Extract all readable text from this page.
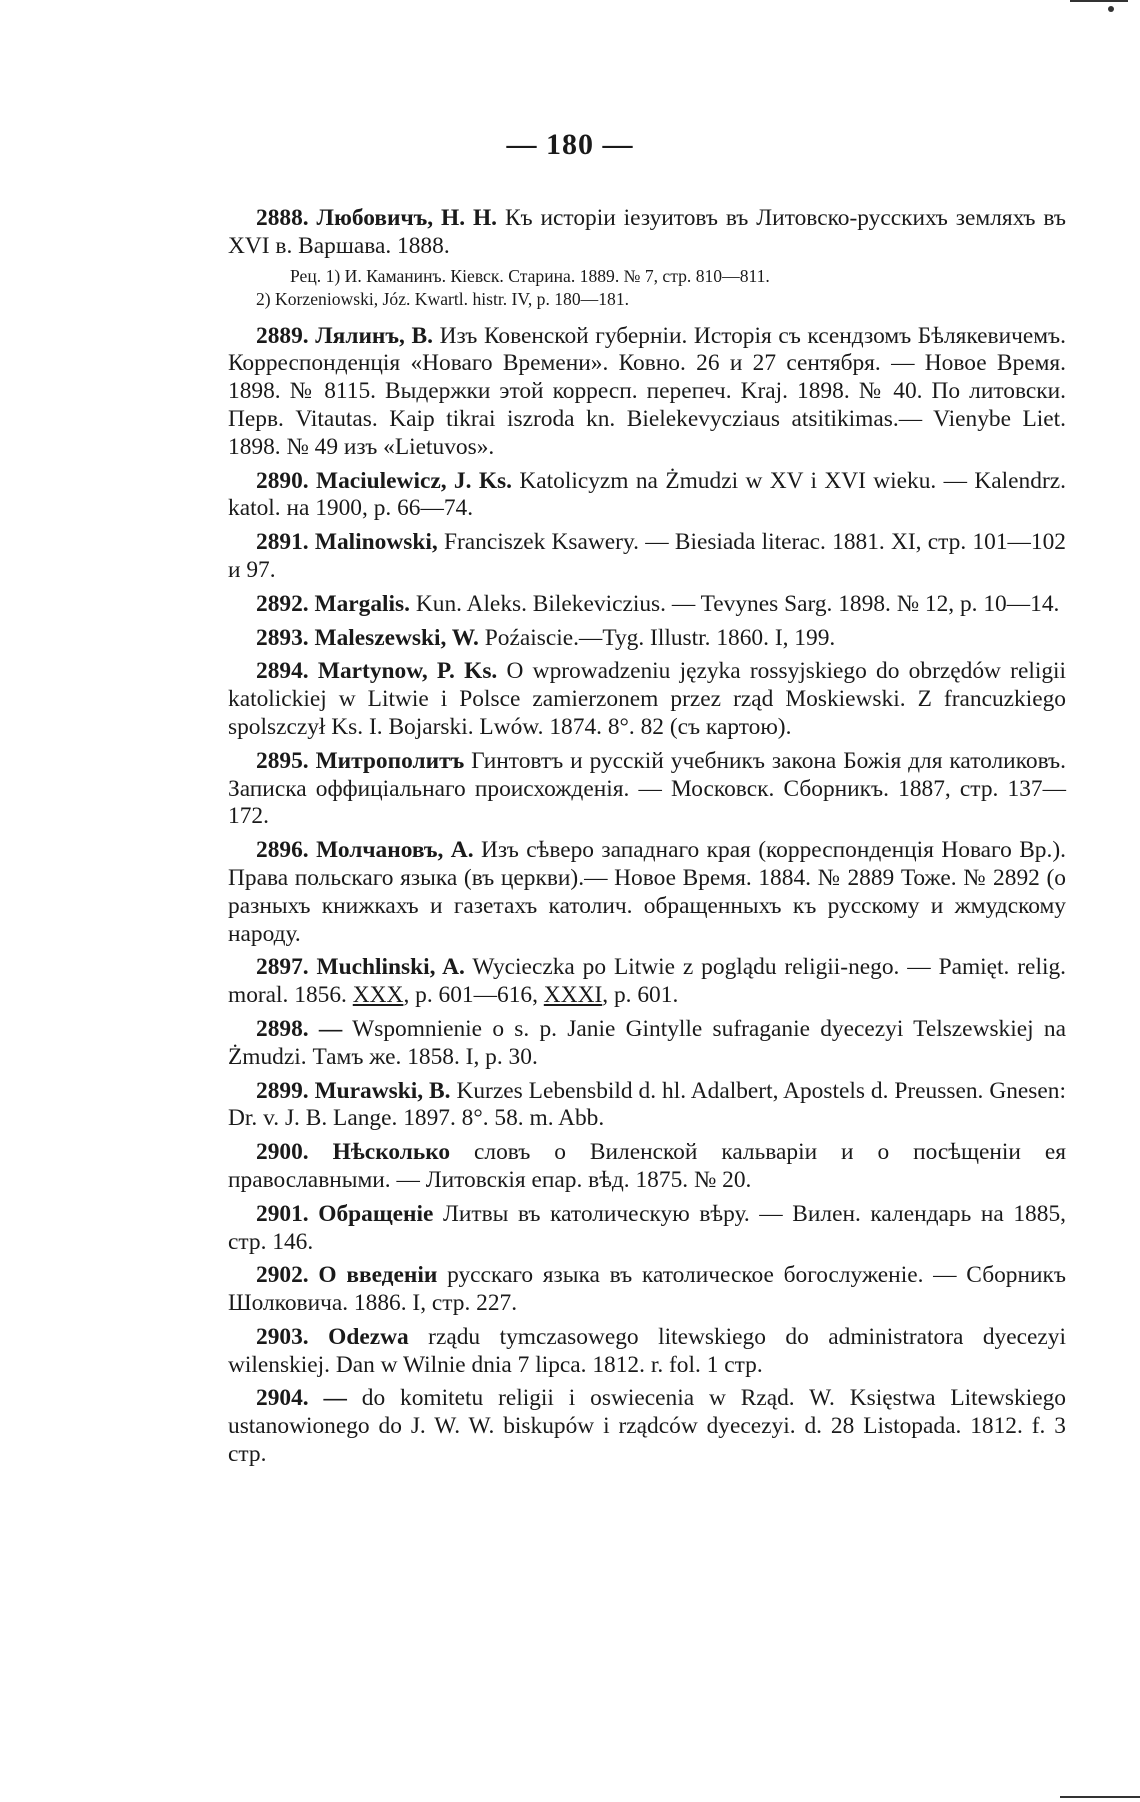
— 180 —

2888. Любовичъ, Н. Н. Къ исторіи іезуитовъ въ Литовско-русскихъ земляхъ въ XVI в. Варшава. 1888.

Рец. 1) И. Каманинъ. Кіевск. Старина. 1889. № 7, стр. 810—811.
2) Korzeniowski, Józ. Kwartl. histr. IV, p. 180—181.

2889. Лялинъ, В. Изъ Ковенской губерніи. Исторія съ ксендзомъ Бѣлякевичемъ. Корреспонденція «Новаго Времени». Ковно. 26 и 27 сентября. — Новое Время. 1898. № 8115. Выдержки этой корресп. перепеч. Kraj. 1898. № 40. По литовски. Перв. Vitautas. Kaip tikrai iszroda kn. Bielekevycziaus atsitikimas.— Vienybe Liet. 1898. № 49 изъ «Lietuvos».

2890. Maciulewicz, J. Ks. Katolicyzm na Żmudzi w XV i XVI wieku. — Kalendrz. katol. на 1900, p. 66—74.

2891. Malinowski, Franciszek Ksawery. — Biesiada literac. 1881. XI, стр. 101—102 и 97.

2892. Margalis. Kun. Aleks. Bilekeviczius. — Tevynes Sarg. 1898. № 12, p. 10—14.

2893. Maleszewski, W. Poźaiscie.—Tyg. Illustr. 1860. I, 199.

2894. Martynow, P. Ks. O wprowadzeniu języka rossyjskiego do obrzędów religii katolickiej w Litwie i Polsce zamierzonem przez rząd Moskiewski. Z francuzkiego spolszczył Ks. I. Bojarski. Lwów. 1874. 8°. 82 (съ картою).

2895. Митрополитъ Гинтовтъ и русскій учебникъ закона Божія для католиковъ. Записка оффиціальнаго происхожденія. — Московск. Сборникъ. 1887, стр. 137—172.

2896. Молчановъ, А. Изъ сѣверо западнаго края (корреспонденція Новаго Вр.). Права польскаго языка (въ церкви).— Новое Время. 1884. № 2889 Тоже. № 2892 (о разныхъ книжкахъ и газетахъ католич. обращенныхъ къ русскому и жмудскому народу.

2897. Muchlinski, A. Wycieczka po Litwie z poglądu religii-nego. — Pamięt. relig. moral. 1856. XXX, p. 601—616, XXXI, p. 601.

2898. — Wspomnienie o s. p. Janie Gintylle sufraganie dyecezyi Telszewskiej na Żmudzi. Тамъ же. 1858. I, p. 30.

2899. Murawski, B. Kurzes Lebensbild d. hl. Adalbert, Apostels d. Preussen. Gnesen: Dr. v. J. B. Lange. 1897. 8°. 58. m. Abb.

2900. Нѣсколько словъ о Виленской кальваріи и о посѣщеніи ея православными. — Литовскія епар. вѣд. 1875. № 20.

2901. Обращеніе Литвы въ католическую вѣру. — Вилен. календарь на 1885, стр. 146.

2902. О введеніи русскаго языка въ католическое богослуженіе. — Сборникъ Шолковича. 1886. I, стр. 227.

2903. Odezwa rządu tymczasowego litewskiego do administratora dyecezyi wilenskiej. Dan w Wilnie dnia 7 lipca. 1812. r. fol. 1 стр.

2904. — do komitetu religii i oswiecenia w Rząd. W. Księstwa Litewskiego ustanowionego do J. W. W. biskupów i rządców dyecezyi. d. 28 Listopada. 1812. f. 3 стр.
